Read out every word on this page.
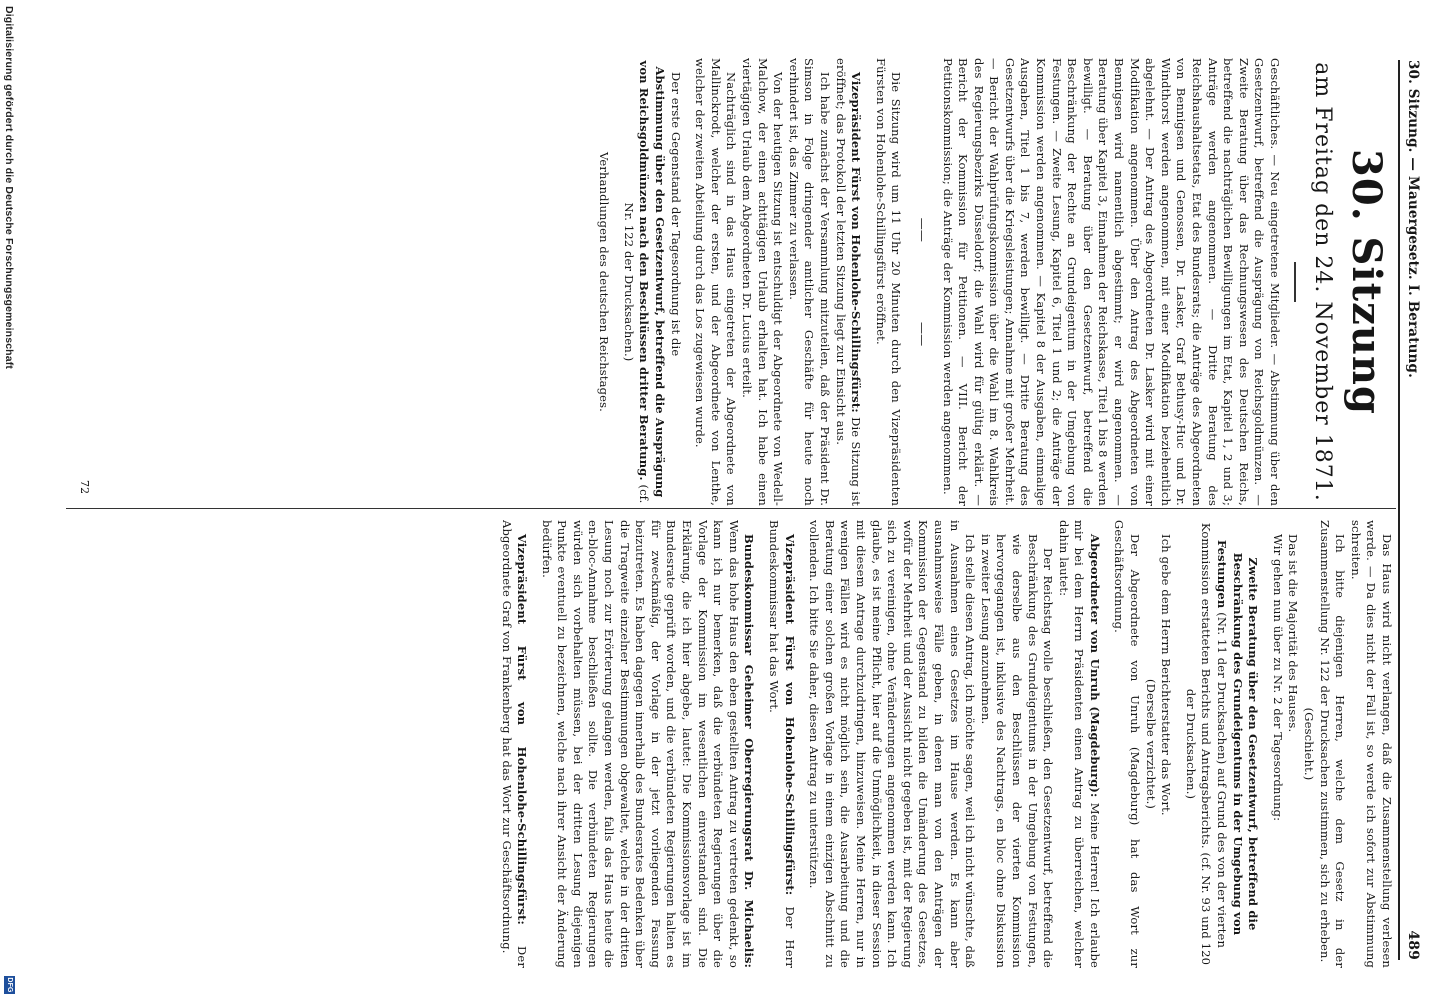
30. Sitzung. — Mauergesetz. I. Beratung.
489
30. Sitzung
am Freitag den 24. November 1871.

Geschäftliches. — Neu eingetretene Mitglieder. — Abstimmung über den Gesetzentwurf, betreffend die Ausprägung von Reichsgoldmünzen. — Zweite Beratung über das Rechnungswesen des Deutschen Reichs, betreffend die nachträglichen Bewilligungen im Etat, Kapitel 1, 2 und 3; Anträge werden angenommen. — Dritte Beratung des Reichshaushaltsetats, Etat des Bundesrats; die Anträge des Abgeordneten von Bennigsen und Genossen, Dr. Lasker, Graf Bethusy-Huc und Dr. Windthorst werden angenommen, mit einer Modifikation beziehentlich abgelehnt. — Der Antrag des Abgeordneten Dr. Lasker wird mit einer Modifikation angenommen. Über den Antrag des Abgeordneten von Bennigsen wird namentlich abgestimmt; er wird angenommen. — Beratung über Kapitel 3, Einnahmen der Reichskasse, Titel 1 bis 8 werden bewilligt. — Beratung über den Gesetzentwurf, betreffend die Beschränkung der Rechte an Grundeigentum in der Umgebung von Festungen. — Zweite Lesung, Kapitel 6, Titel 1 und 2; die Anträge der Kommission werden angenommen. — Kapitel 8 der Ausgaben, einmalige Ausgaben, Titel 1 bis 7, werden bewilligt. — Dritte Beratung des Gesetzentwurfs über die Kriegsleistungen; Annahme mit großer Mehrheit. — Bericht der Wahlprüfungskommission über die Wahl im 8. Wahlkreis des Regierungsbezirks Düsseldorf; die Wahl wird für gültig erklärt. — Bericht der Kommission für Petitionen. — VIII. Bericht der Petitionskommission; die Anträge der Kommission werden angenommen.

————

Die Sitzung wird um 11 Uhr 20 Minuten durch den Vizepräsidenten Fürsten von Hohenlohe-Schillingsfürst eröffnet.

Vizepräsident Fürst von Hohenlohe-Schillingsfürst: Die Sitzung ist eröffnet; das Protokoll der letzten Sitzung liegt zur Einsicht aus.

Ich habe zunächst der Versammlung mitzuteilen, daß der Präsident Dr. Simson in Folge dringender amtlicher Geschäfte für heute noch verhindert ist, das Zimmer zu verlassen.

Von der heutigen Sitzung ist entschuldigt der Abgeordnete von Wedell-Malchow, der einen achttägigen Urlaub erhalten hat. Ich habe einen viertägigen Urlaub dem Abgeordneten Dr. Lucius erteilt.

Nachträglich sind in das Haus eingetreten der Abgeordnete von Mallinckrodt, welcher der ersten, und der Abgeordnete von Lenthe, welcher der zweiten Abteilung durch das Los zugewiesen wurde.

Der erste Gegenstand der Tagesordnung ist die

Abstimmung über den Gesetzentwurf, betreffend die Ausprägung von Reichsgoldmünzen nach den Beschlüssen dritter Beratung. (cf. Nr. 122 der Drucksachen.)

Verhandlungen des deutschen Reichstages.

Das Haus wird nicht verlangen, daß die Zusammenstellung verlesen werde. — Da dies nicht der Fall ist, so werde ich sofort zur Abstimmung schreiten.

Ich bitte diejenigen Herren, welche dem Gesetz in der Zusammenstellung Nr. 122 der Drucksachen zustimmen, sich zu erheben.

(Geschieht.)

Das ist die Majorität des Hauses.

Wir gehen nun über zu Nr. 2 der Tagesordnung:

Zweite Beratung über den Gesetzentwurf, betreffend die Beschränkung des Grundeigentums in der Umgebung von Festungen (Nr. 11 der Drucksachen) auf Grund des von der vierten Kommission erstatteten Berichts und Antragsberichts. (cf. Nr. 93 und 120 der Drucksachen.)

Ich gebe dem Herrn Berichterstatter das Wort.

(Derselbe verzichtet.)

Der Abgeordnete von Unruh (Magdeburg) hat das Wort zur Geschäftsordnung.

Abgeordneter von Unruh (Magdeburg): Meine Herren! Ich erlaube mir bei dem Herrn Präsidenten einen Antrag zu überreichen, welcher dahin lautet:

Der Reichstag wolle beschließen, den Gesetzentwurf, betreffend die Beschränkung des Grundeigentums in der Umgebung von Festungen, wie derselbe aus den Beschlüssen der vierten Kommission hervorgegangen ist, inklusive des Nachtrags, en bloc ohne Diskussion in zweiter Lesung anzunehmen.

Ich stelle diesen Antrag, ich möchte sagen, weil ich nicht wünschte, daß in Ausnahmen eines Gesetzes im Hause werden. Es kann aber ausnahmsweise Fälle geben, in denen man von den Anträgen der Kommission der Gegenstand zu bilden die Umänderung des Gesetzes, wofür der Mehrheit und der Aussicht nicht gegeben ist, mit der Regierung sich zu vereinigen, ohne Veränderungen angenommen werden kann. Ich glaube, es ist meine Pflicht, hier auf die Unmöglichkeit, in dieser Session mit diesem Antrage durchzudringen, hinzuweisen. Meine Herren, nur in wenigen Fällen wird es nicht möglich sein, die Ausarbeitung und die Beratung einer solchen großen Vorlage in einem einzigen Abschnitt zu vollenden. Ich bitte Sie daher, diesen Antrag zu unterstützen.

Vizepräsident Fürst von Hohenlohe-Schillingsfürst: Der Herr Bundeskommissar hat das Wort.

Bundeskommissar Geheimer Oberregierungsrat Dr. Michaelis: Wenn das hohe Haus den eben gestellten Antrag zu vertreten gedenkt, so kann ich nur bemerken, daß die verbündeten Regierungen über die Vorlage der Kommission im wesentlichen einverstanden sind. Die Erklärung, die ich hier abgebe, lautet: Die Kommissionsvorlage ist im Bundesrate geprüft worden, und die verbündeten Regierungen halten es für zweckmäßig, der Vorlage in der jetzt vorliegenden Fassung beizutreten. Es haben dagegen innerhalb des Bundesrates Bedenken über die Tragweite einzelner Bestimmungen obgewaltet, welche in der dritten Lesung noch zur Erörterung gelangen werden, falls das Haus heute die en-bloc-Annahme beschließen sollte. Die verbündeten Regierungen würden sich vorbehalten müssen, bei der dritten Lesung diejenigen Punkte eventuell zu bezeichnen, welche nach ihrer Ansicht der Änderung bedürfen.

Vizepräsident Fürst von Hohenlohe-Schillingsfürst: Der Abgeordnete Graf von Frankenberg hat das Wort zur Geschäftsordnung.

72
Digitalisierung gefördert durch die Deutsche Forschungsgemeinschaft
DFG
